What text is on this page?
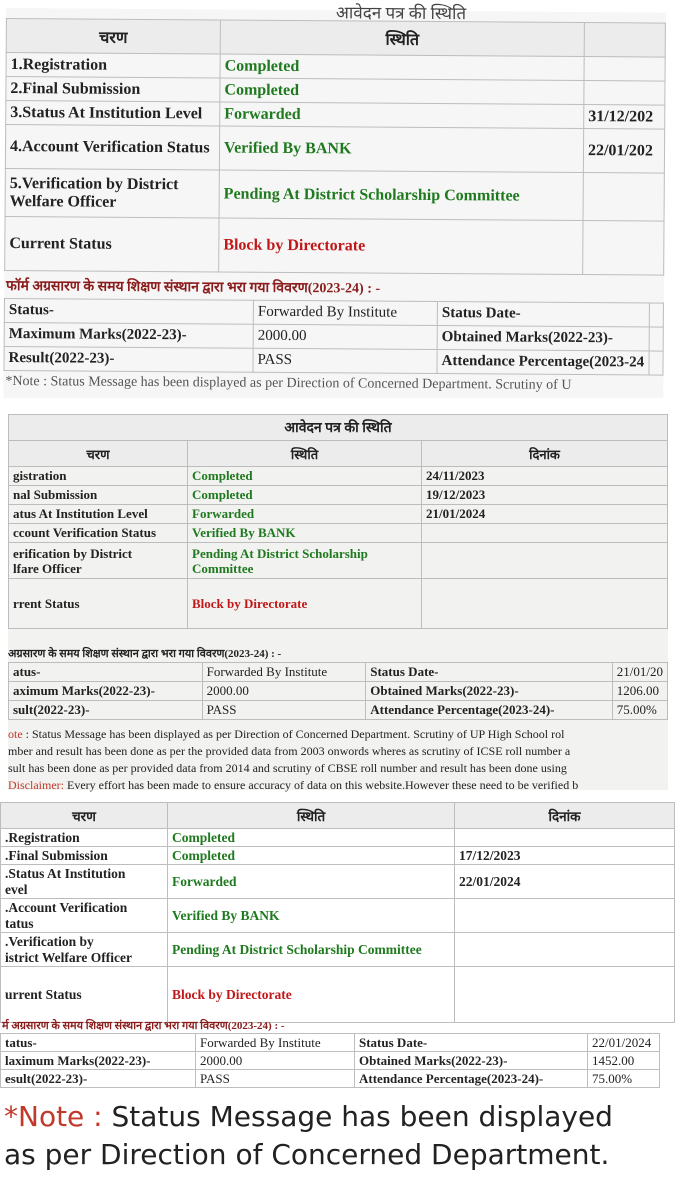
आवेदन पत्र की स्थिति
चरण	स्थिति	
1.Registration	Completed	
2.Final Submission	Completed	
3.Status At Institution Level	Forwarded	31/12/202
4.Account Verification Status	Verified By BANK	22/01/202
5.Verification by District Welfare Officer	Pending At District Scholarship Committee	
Current Status	Block by Directorate	
फॉर्म अग्रसारण के समय शिक्षण संस्थान द्वारा भरा गया विवरण(2023-24) : -
Status-	Forwarded By Institute	Status Date-	
Maximum Marks(2022-23)-	2000.00	Obtained Marks(2022-23)-	
Result(2022-23)-	PASS	Attendance Percentage(2023-24	
*Note : Status Message has been displayed as per Direction of Concerned Department. Scrutiny of U
आवेदन पत्र की स्थिति		
चरण	स्थिति	दिनांक
gistration	Completed	24/11/2023
nal Submission	Completed	19/12/2023
atus At Institution Level	Forwarded	21/01/2024
ccount Verification Status	Verified By BANK	
erification by District
lfare Officer	Pending At District Scholarship
Committee	
rrent Status	Block by Directorate	
अग्रसारण के समय शिक्षण संस्थान द्वारा भरा गया विवरण(2023-24) : -
atus-	Forwarded By Institute	Status Date-	21/01/20
aximum Marks(2022-23)-	2000.00	Obtained Marks(2022-23)-	1206.00
sult(2022-23)-	PASS	Attendance Percentage(2023-24)-	75.00%
ote : Status Message has been displayed as per Direction of Concerned Department. Scrutiny of UP High School rol
mber and result has been done as per the provided data from 2003 onwords wheres as scrutiny of ICSE roll number a
sult has been done as per provided data from 2014 and scrutiny of CBSE roll number and result has been done using
Disclaimer: Every effort has been made to ensure accuracy of data on this website.However these need to be verified b
चरण	स्थिति	दिनांक
.Registration	Completed	
.Final Submission	Completed	17/12/2023
.Status At Institution
evel	Forwarded	22/01/2024
.Account Verification
tatus	Verified By BANK	
.Verification by
istrict Welfare Officer	Pending At District Scholarship Committee	
urrent Status	Block by Directorate	
र्म अग्रसारण के समय शिक्षण संस्थान द्वारा भरा गया विवरण(2023-24) : -
tatus-	Forwarded By Institute	Status Date-	22/01/2024
laximum Marks(2022-23)-	2000.00	Obtained Marks(2022-23)-	1452.00
esult(2022-23)-	PASS	Attendance Percentage(2023-24)-	75.00%
*Note : Status Message has been displayed
as per Direction of Concerned Department.
